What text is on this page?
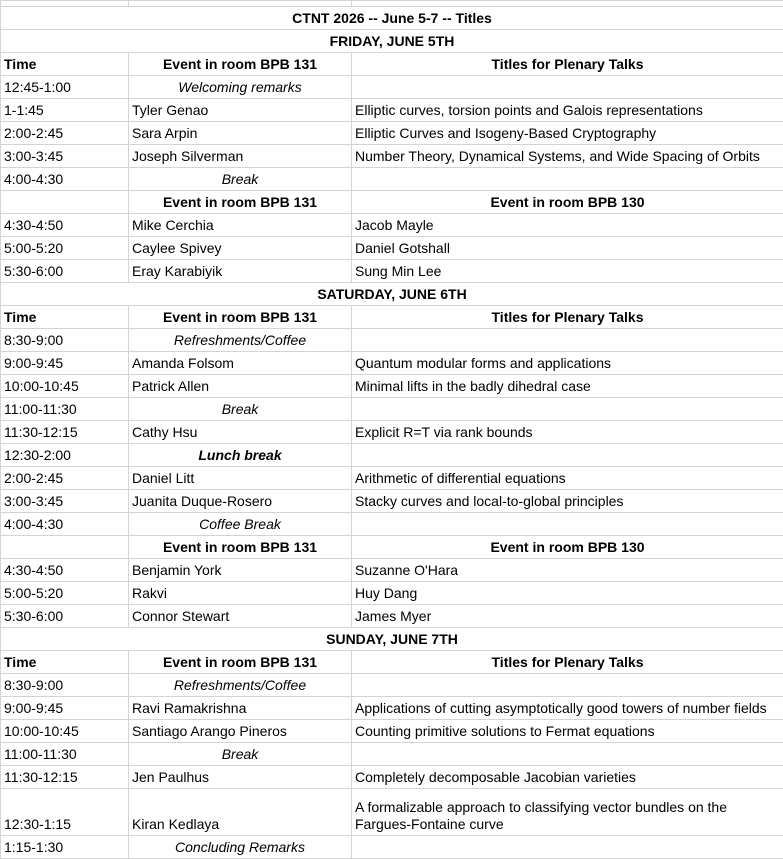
CTNT 2026 -- June 5-7 -- Titles		
FRIDAY, JUNE 5TH		
Time	Event in room BPB 131	Titles for Plenary Talks
12:45-1:00	Welcoming remarks	
1-1:45	Tyler Genao	Elliptic curves, torsion points and Galois representations
2:00-2:45	Sara Arpin	Elliptic Curves and Isogeny-Based Cryptography
3:00-3:45	Joseph Silverman	Number Theory, Dynamical Systems, and Wide Spacing of Orbits
4:00-4:30	Break	
	Event in room BPB 131	Event in room BPB 130
4:30-4:50	Mike Cerchia	Jacob Mayle
5:00-5:20	Caylee Spivey	Daniel Gotshall
5:30-6:00	Eray Karabiyik	Sung Min Lee
SATURDAY, JUNE 6TH		
Time	Event in room BPB 131	Titles for Plenary Talks
8:30-9:00	Refreshments/Coffee	
9:00-9:45	Amanda Folsom	Quantum modular forms and applications
10:00-10:45	Patrick Allen	Minimal lifts in the badly dihedral case
11:00-11:30	Break	
11:30-12:15	Cathy Hsu	Explicit R=T via rank bounds
12:30-2:00	Lunch break	
2:00-2:45	Daniel Litt	Arithmetic of differential equations
3:00-3:45	Juanita Duque-Rosero	Stacky curves and local-to-global principles
4:00-4:30	Coffee Break	
	Event in room BPB 131	Event in room BPB 130
4:30-4:50	Benjamin York	Suzanne O'Hara
5:00-5:20	Rakvi	Huy Dang
5:30-6:00	Connor Stewart	James Myer
SUNDAY, JUNE 7TH		
Time	Event in room BPB 131	Titles for Plenary Talks
8:30-9:00	Refreshments/Coffee	
9:00-9:45	Ravi Ramakrishna	Applications of cutting asymptotically good towers of number fields
10:00-10:45	Santiago Arango Pineros	Counting primitive solutions to Fermat equations
11:00-11:30	Break	
11:30-12:15	Jen Paulhus	Completely decomposable Jacobian varieties
12:30-1:15	Kiran Kedlaya	A formalizable approach to classifying vector bundles on the Fargues-Fontaine curve
1:15-1:30	Concluding Remarks	
